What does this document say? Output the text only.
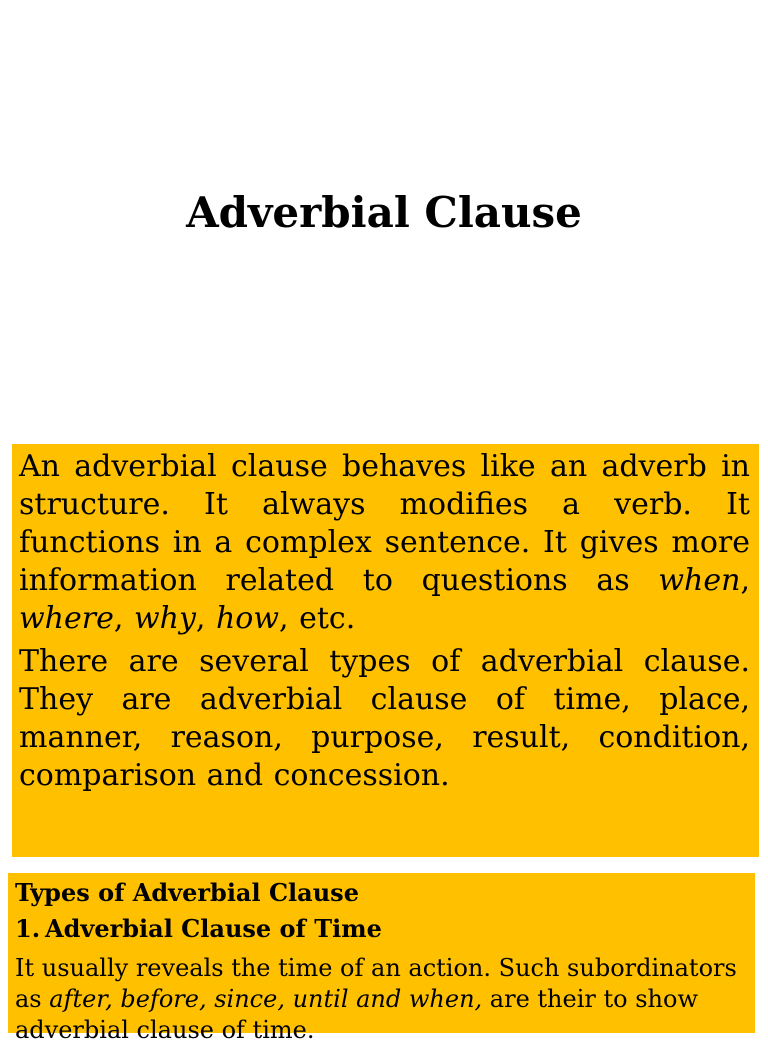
Adverbial Clause

An adverbial clause behaves like an adverb in structure. It always modifies a verb. It functions in a complex sentence. It gives more information related to questions as when, where, why, how, etc.

There are several types of adverbial clause. They are adverbial clause of time, place, manner, reason, purpose, result, condition, comparison and concession.

Types of Adverbial Clause

1. Adverbial Clause of Time

It usually reveals the time of an action. Such subordinators as after, before, since, until and when, are their to show adverbial clause of time.
